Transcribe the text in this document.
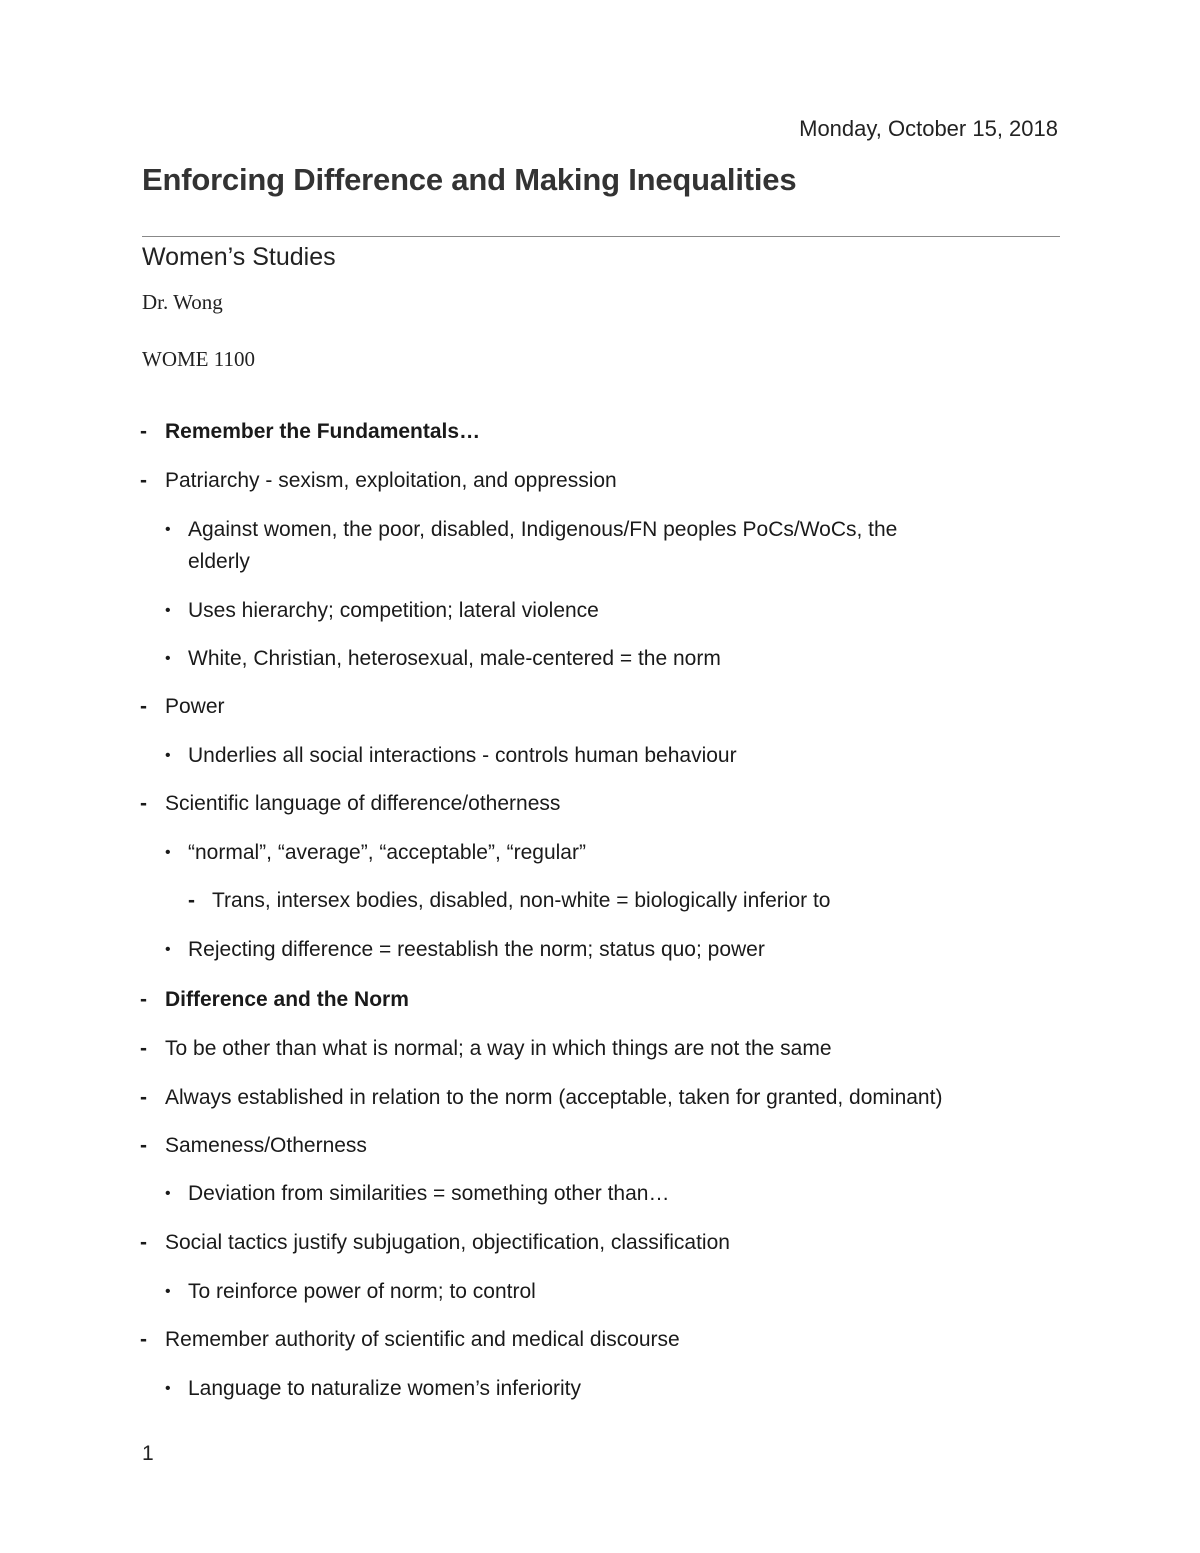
Monday, October 15, 2018
Enforcing Difference and Making Inequalities
Women’s Studies
Dr. Wong
WOME 1100
- Remember the Fundamentals…
- Patriarchy - sexism, exploitation, and oppression
• Against women, the poor, disabled, Indigenous/FN peoples PoCs/WoCs, the
elderly
• Uses hierarchy; competition; lateral violence
• White, Christian, heterosexual, male-centered = the norm
- Power
• Underlies all social interactions - controls human behaviour
- Scientific language of difference/otherness
• “normal”, “average”, “acceptable”, “regular”
- Trans, intersex bodies, disabled, non-white = biologically inferior to
• Rejecting difference = reestablish the norm; status quo; power
- Difference and the Norm
- To be other than what is normal; a way in which things are not the same
- Always established in relation to the norm (acceptable, taken for granted, dominant)
- Sameness/Otherness
• Deviation from similarities = something other than…
- Social tactics justify subjugation, objectification, classification
• To reinforce power of norm; to control
- Remember authority of scientific and medical discourse
• Language to naturalize women’s inferiority
1
